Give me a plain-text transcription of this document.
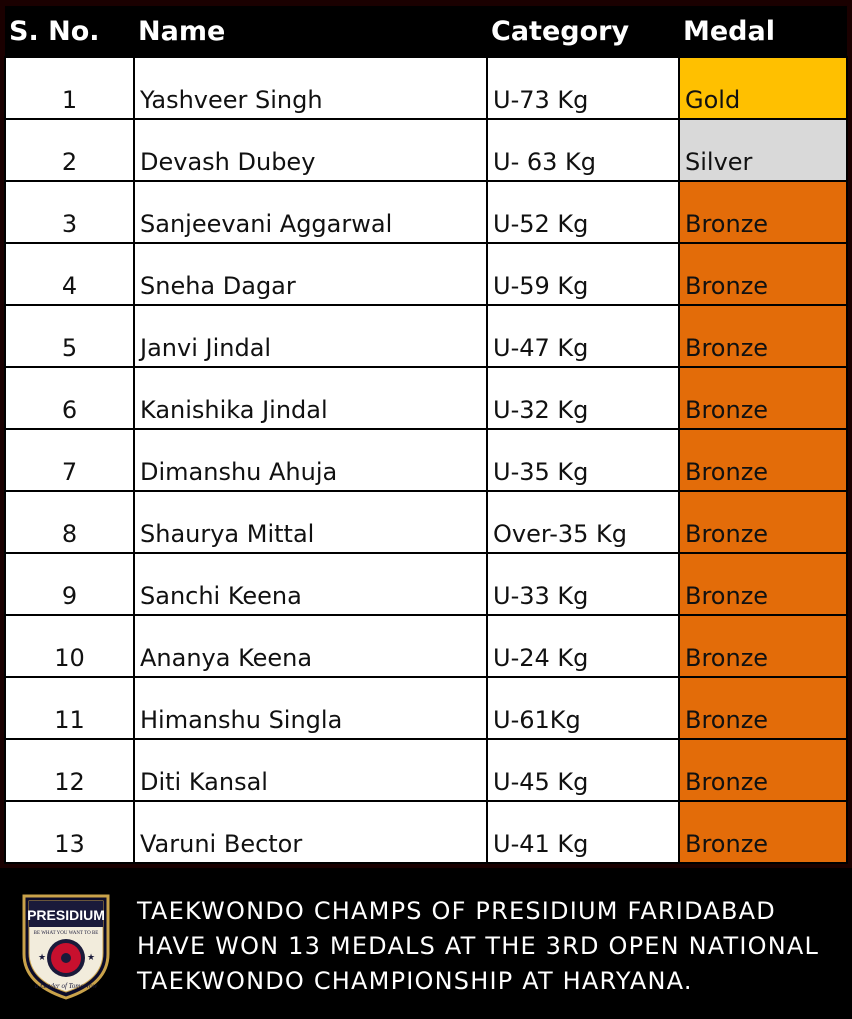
S. No.	Name	Category	Medal
1	Yashveer Singh	U-73 Kg	Gold
2	Devash Dubey	U- 63 Kg	Silver
3	Sanjeevani Aggarwal	U-52 Kg	Bronze
4	Sneha Dagar	U-59 Kg	Bronze
5	Janvi Jindal	U-47 Kg	Bronze
6	Kanishika Jindal	U-32 Kg	Bronze
7	Dimanshu Ahuja	U-35 Kg	Bronze
8	Shaurya Mittal	Over-35 Kg	Bronze
9	Sanchi Keena	U-33 Kg	Bronze
10	Ananya Keena	U-24 Kg	Bronze
11	Himanshu Singla	U-61Kg	Bronze
12	Diti Kansal	U-45 Kg	Bronze
13	Varuni Bector	U-41 Kg	Bronze
PRESIDIUM
BE WHAT YOU WANT TO BE
★	★
a Leader of Tomorrow
TAEKWONDO CHAMPS OF PRESIDIUM FARIDABAD
HAVE WON 13 MEDALS AT THE 3RD OPEN NATIONAL
TAEKWONDO CHAMPIONSHIP AT HARYANA.
